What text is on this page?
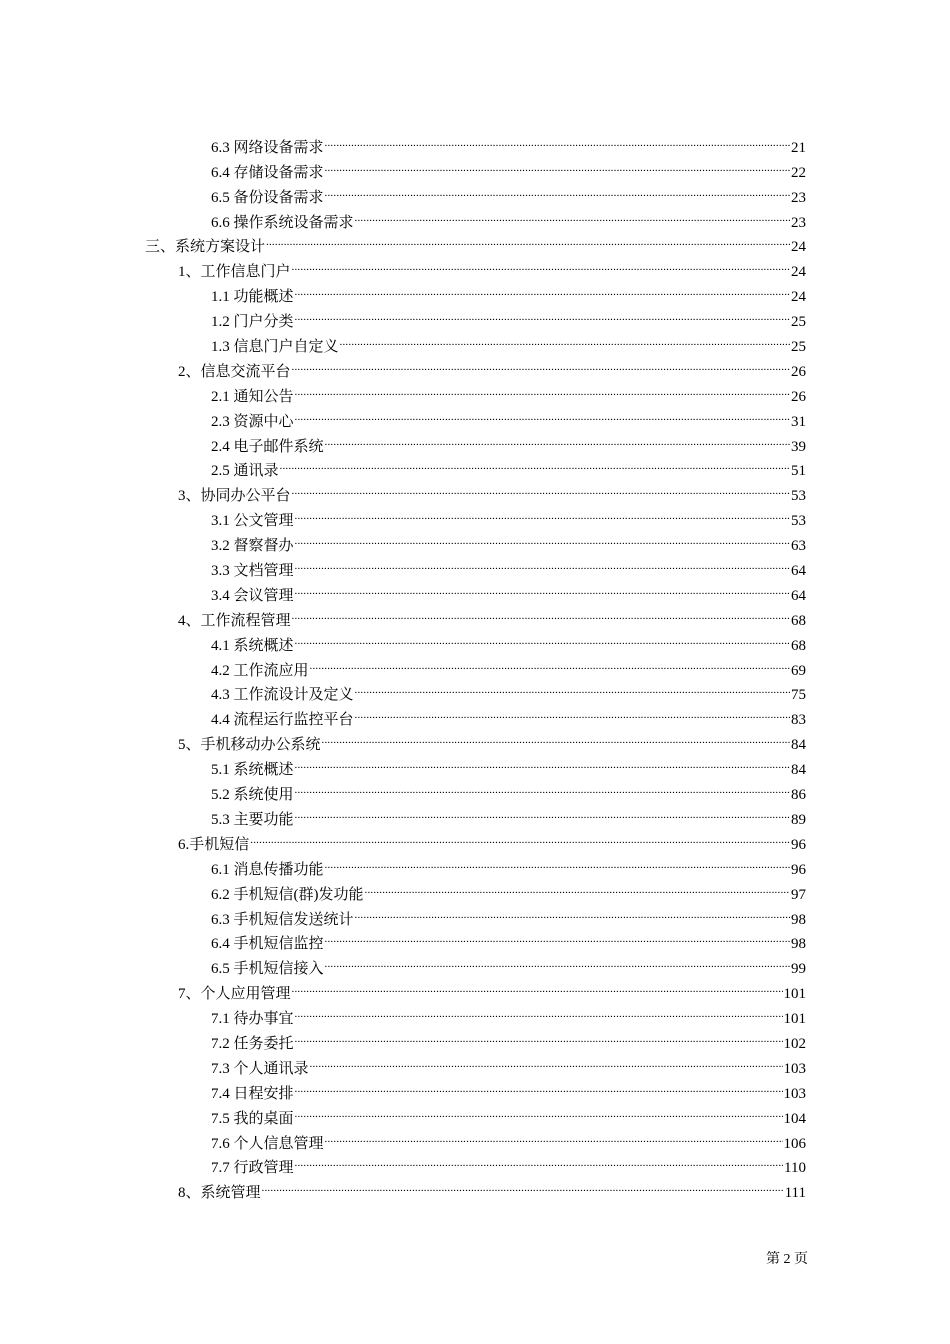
6.3 网络设备需求 .....	21
6.4 存储设备需求 .....	22
6.5 备份设备需求 .....	23
6.6 操作系统设备需求 .....	23
三、系统方案设计 .....	24
1、工作信息门户 .....	24
1.1 功能概述 .....	24
1.2 门户分类 .....	25
1.3 信息门户自定义 .....	25
2、信息交流平台 .....	26
2.1 通知公告 .....	26
2.3 资源中心 .....	31
2.4 电子邮件系统 .....	39
2.5 通讯录 .....	51
3、协同办公平台 .....	53
3.1 公文管理 .....	53
3.2 督察督办 .....	63
3.3 文档管理 .....	64
3.4 会议管理 .....	64
4、工作流程管理 .....	68
4.1 系统概述 .....	68
4.2 工作流应用 .....	69
4.3 工作流设计及定义 .....	75
4.4 流程运行监控平台 .....	83
5、手机移动办公系统 .....	84
5.1 系统概述 .....	84
5.2 系统使用 .....	86
5.3 主要功能 .....	89
6.手机短信 .....	96
6.1 消息传播功能 .....	96
6.2 手机短信(群)发功能 .....	97
6.3 手机短信发送统计 .....	98
6.4 手机短信监控 .....	98
6.5 手机短信接入 .....	99
7、个人应用管理 .....	101
7.1 待办事宜 .....	101
7.2 任务委托 .....	102
7.3 个人通讯录 .....	103
7.4 日程安排 .....	103
7.5 我的桌面 .....	104
7.6 个人信息管理 .....	106
7.7 行政管理 .....	110
8、系统管理 .....	111
第 2 页
